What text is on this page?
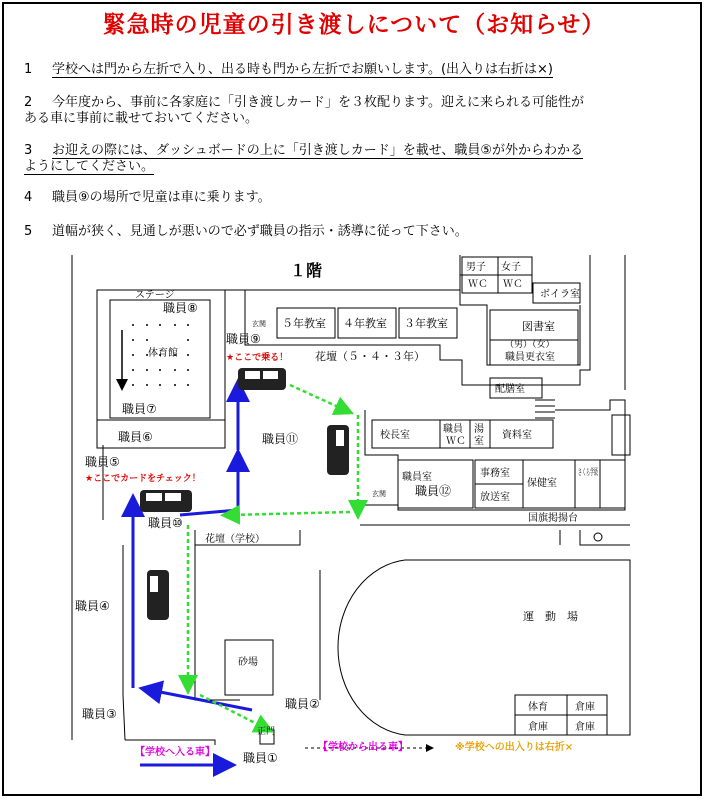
緊急時の児童の引き渡しについて（お知らせ）
1 学校へは門から左折で入り、出る時も門から左折でお願いします。(出入りは右折は×)
2 今年度から、事前に各家庭に「引き渡しカード」を３枚配ります。迎えに来られる可能性が
ある車に事前に載せておいてください。
3 お迎えの際には、ダッシュボードの上に「引き渡しカード」を載せ、職員⑤が外からわかる
ようにしてください。
4 職員⑨の場所で児童は車に乗ります。
5 道幅が狭く、見通しが悪いので必ず職員の指示・誘導に従って下さい。
１階	男子 女子
ＷＣ ＷＣ
ボイラ室
ステージ
体育館
図書室
（男）（女）
職員更衣室
５年教室 ４年教室 ３年教室
玄関
花壇（５・４・３年）
配膳室
校長室
職員
ＷＣ
湯
室
資料室
職員室
玄関
事務室
放送室
保健室
さくら学級
国旗掲揚台
花壇（学校）
砂場
運　動　場
体育	倉庫
倉庫	倉庫
正門
職員⑧
職員⑦
職員⑥
職員⑤
職員⑨
職員⑪
職員⑫
職員⑩
職員④
職員②
職員③
職員①
★ここで乗る！
★ここでカードをチェック！
【学校へ入る車】	【学校から出る車】	※学校への出入りは右折×
